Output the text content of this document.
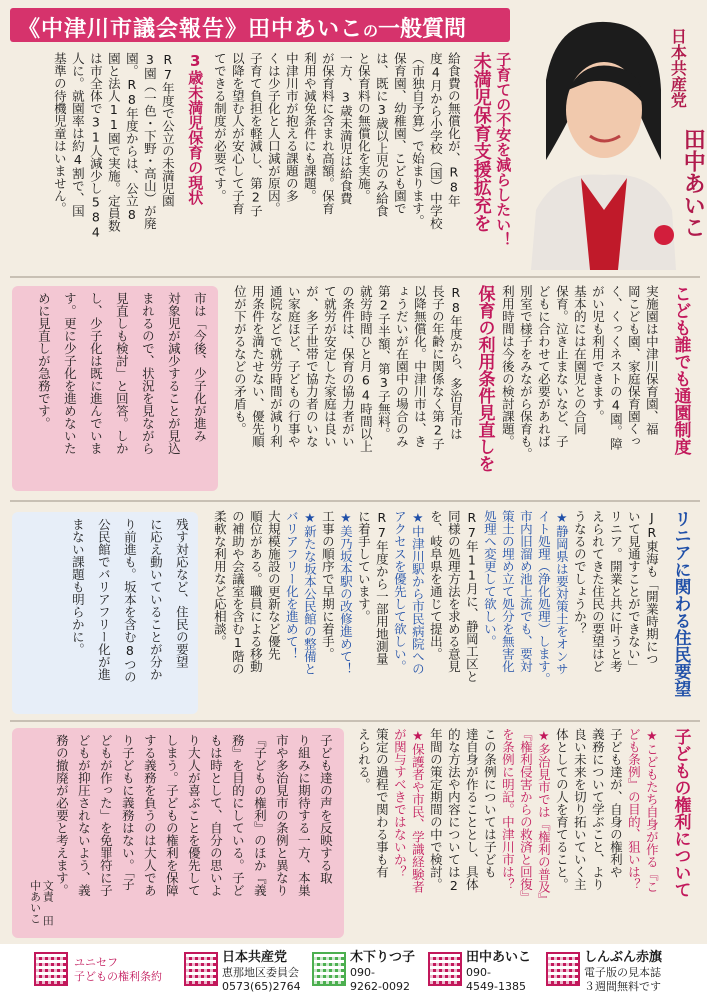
《中津川市議会報告》田中あいこの一般質問	日本共産党
田中あいこ
子育ての不安を減らしたい！
未満児保育支援拡充を
給食費の無償化が、R8年
度4月から小学校（国）中学校
（市独自予算）で始まります。
保育園、幼稚園、こども園で
は、既に3歳以上児のみ給食
と保育料の無償化を実施。
一方、3歳未満児は給食費
が保育料に含まれ高額。保育
利用や減免条件にも課題。
中津川市が抱える課題の多
くは少子化と人口減が原因。
子育て負担を軽減し、第2子
以降を望む人が安心して子育
てできる制度が必要です。
3歳未満児保育の現状
R7年度で公立の未満児園
3園（一色・下野・高山）が廃
園。R8年度からは、公立8
園と法人11園で実施。定員数
は市全体で31人減少し584
人に。就園率は約4割で、国
基準の待機児童はいません。
こども誰でも通園制度
実施園は中津川保育園、福
岡こども園、家庭保育園くっ
く、くっくネストの4園。障
がい児も利用できます。
基本的には在園児との合同
保育。泣き止まないなど、子
どもに合わせて必要があれば
別室で様子をみながら保育も。
利用時間は今後の検討課題。
保育の利用条件見直しを
R8年度から、多治見市は
長子の年齢に関係なく第2子
以降無償化。中津川市は、き
ょうだいが在園中の場合のみ
第2子半額、第3子無料。
就労時間ひと月64時間以上
の条件は、保育の協力者がい
て就労が安定した家庭は良い
が、多子世帯で協力者のいな
い家庭ほど、子どもの行事や
通院などで就労時間が減り利
用条件を満たせない、優先順
位が下がるなどの矛盾も。
市は「今後、少子化が進み
対象児が減少することが見込
まれるので、状況を見ながら
見直しも検討」と回答。しか
し、少子化は既に進んでいま
す。更に少子化を進めないた
めに見直しが急務です。
リニアに関わる住民要望
JR東海も「開業時期につ
いて見通すことができない」
リニア。開業と共に叶うと考
えられてきた住民の要望はど
うなるのでしょうか？
★静岡県は要対策土をオンサ
イト処理（浄化処理）します。
市内旧溜め池上流でも、要対
策土の埋め立て処分を無害化
処理へ変更して欲しい。
R7年11月に、静岡工区と
同様の処理方法を求める意見
を、岐阜県を通じて提出。
★中津川駅から市民病院への
アクセスを優先して欲しい。
R7年度から一部用地測量
に着手しています。
★美乃坂本駅の改修進めて！
工事の順序で早期に着手。
★新たな坂本公民館の整備と
バリアフリー化を進めて！
大規模施設の更新など優先
順位がある。職員による移動
の補助や会議室を含む1階の
柔軟な利用など応相談。
残す対応など、住民の要望
に応え動いていることが分か
り前進も。坂本を含む8つの
公民館でバリアフリー化が進
まない課題も明らかに。
子どもの権利について
★こどもたち自身が作る『こ
ども条例』の目的、狙いは？
子ども達が、自身の権利や
義務について学ぶこと、より
良い未来を切り拓いていく主
体としての人を育てること。
★多治見市では『権利の普及』
『権利侵害からの救済と回復』
を条例に明記。中津川市は？
この条例については子ども
達自身が作ることとし、具体
的な方法や内容については2
年間の策定期間の中で検討。
★保護者や市民、学識経験者
が関与すべきではないか？
策定の過程で関わる事も有
えられる。
子ども達の声を反映する取
り組みに期待する一方、本巣
市や多治見市の条例と異なり
『子どもの権利』のほか『義
務』を目的にしている。子ど
もは時として、自分の思いよ
り大人が喜ぶことを優先して
しまう。子どもの権利を保障
する義務を負うのは大人であ
り子どもに義務はない。「子
どもが作った」を免罪符に子
どもが抑圧されないよう、義
務の撤廃が必要と考えます。
文責 田中あいこ
ユニセフ
子どもの権利条約
日本共産党
恵那地区委員会
0573(65)2764
木下りつ子
090-
9262-0092
田中あいこ
090-
4549-1385
しんぶん赤旗
電子版の見本誌
３週間無料です
